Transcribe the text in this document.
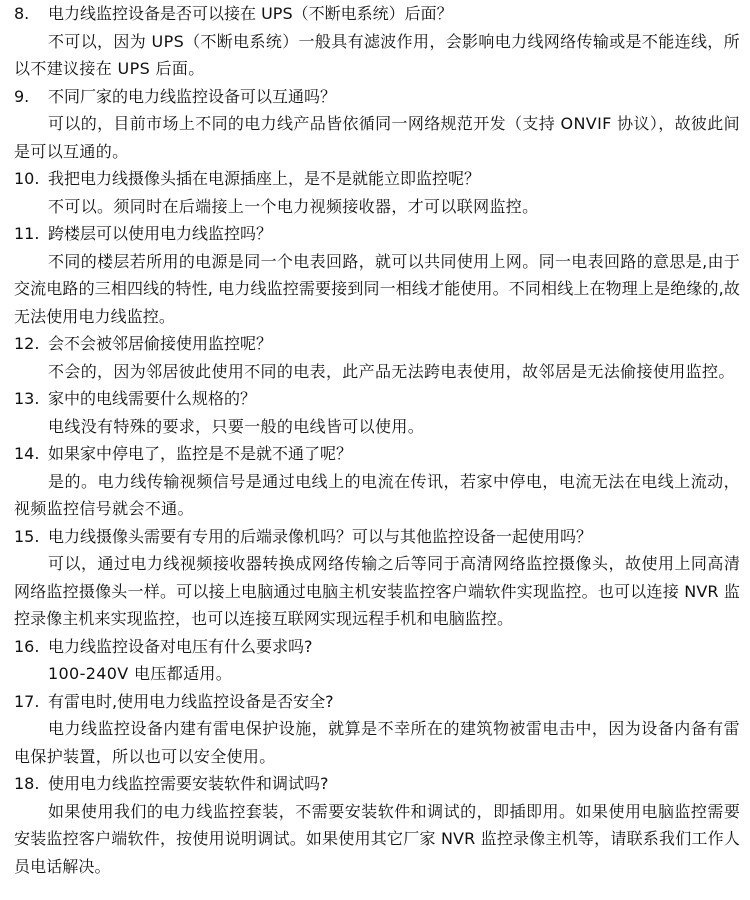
8.	电力线监控设备是否可以接在 UPS（不断电系统）后面？

不可以，因为 UPS（不断电系统）一般具有滤波作用，会影响电力线网络传输或是不能连线，所以不建议接在 UPS 后面。

9.	不同厂家的电力线监控设备可以互通吗？

可以的，目前市场上不同的电力线产品皆依循同一网络规范开发（支持 ONVIF 协议），故彼此间是可以互通的。

10. 我把电力线摄像头插在电源插座上，是不是就能立即监控呢？

不可以。须同时在后端接上一个电力视频接收器，才可以联网监控。

11. 跨楼层可以使用电力线监控吗？

不同的楼层若所用的电源是同一个电表回路，就可以共同使用上网。同一电表回路的意思是,由于交流电路的三相四线的特性, 电力线监控需要接到同一相线才能使用。不同相线上在物理上是绝缘的,故无法使用电力线监控。

12. 会不会被邻居偷接使用监控呢？

不会的，因为邻居彼此使用不同的电表，此产品无法跨电表使用，故邻居是无法偷接使用监控。

13. 家中的电线需要什么规格的？

电线没有特殊的要求，只要一般的电线皆可以使用。

14. 如果家中停电了，监控是不是就不通了呢？

是的。电力线传输视频信号是通过电线上的电流在传讯，若家中停电，电流无法在电线上流动，视频监控信号就会不通。

15. 电力线摄像头需要有专用的后端录像机吗？可以与其他监控设备一起使用吗？

可以，通过电力线视频接收器转换成网络传输之后等同于高清网络监控摄像头，故使用上同高清网络监控摄像头一样。可以接上电脑通过电脑主机安装监控客户端软件实现监控。也可以连接 NVR 监控录像主机来实现监控，也可以连接互联网实现远程手机和电脑监控。

16. 电力线监控设备对电压有什么要求吗?

100-240V 电压都适用。

17. 有雷电时,使用电力线监控设备是否安全?

电力线监控设备内建有雷电保护设施，就算是不幸所在的建筑物被雷电击中，因为设备内备有雷电保护装置，所以也可以安全使用。

18. 使用电力线监控需要安装软件和调试吗?

如果使用我们的电力线监控套装，不需要安装软件和调试的，即插即用。如果使用电脑监控需要安装监控客户端软件，按使用说明调试。如果使用其它厂家 NVR 监控录像主机等，请联系我们工作人员电话解决。
